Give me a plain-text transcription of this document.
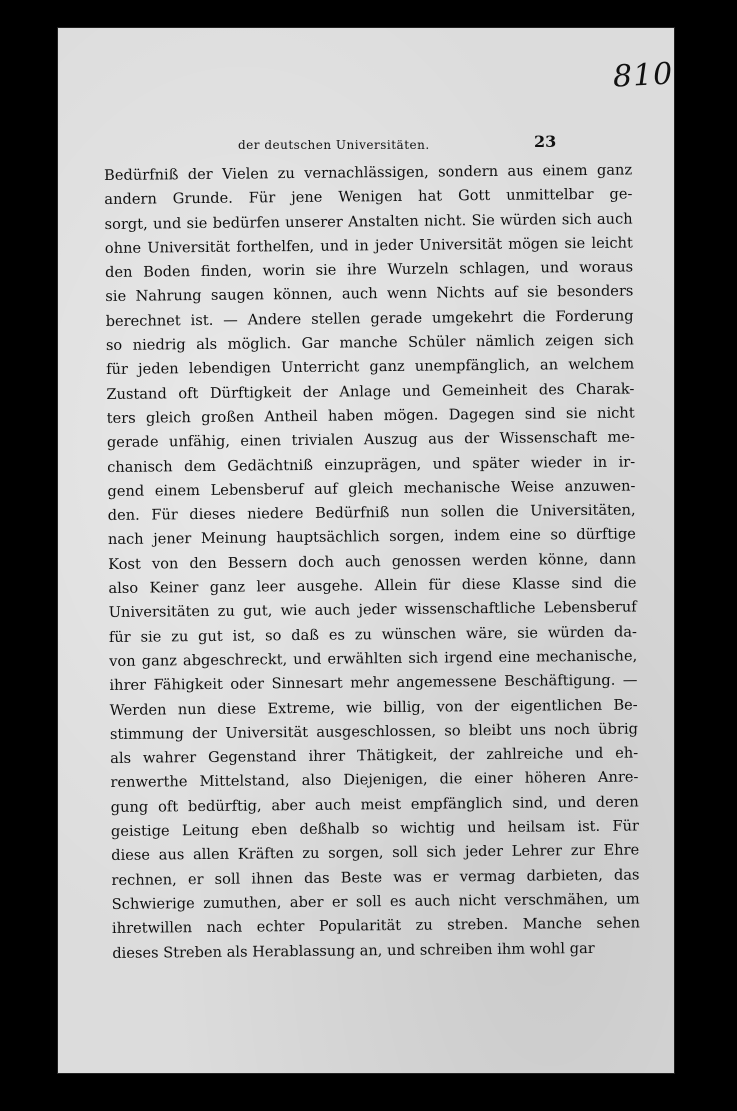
810
der deutschen Universitäten.	23
Bedürfniß der Vielen zu vernachlässigen, sondern aus einem ganz
andern Grunde. Für jene Wenigen hat Gott unmittelbar ge-
sorgt, und sie bedürfen unserer Anstalten nicht. Sie würden sich auch
ohne Universität forthelfen, und in jeder Universität mögen sie leicht
den Boden finden, worin sie ihre Wurzeln schlagen, und woraus
sie Nahrung saugen können, auch wenn Nichts auf sie besonders
berechnet ist. — Andere stellen gerade umgekehrt die Forderung
so niedrig als möglich. Gar manche Schüler nämlich zeigen sich
für jeden lebendigen Unterricht ganz unempfänglich, an welchem
Zustand oft Dürftigkeit der Anlage und Gemeinheit des Charak-
ters gleich großen Antheil haben mögen. Dagegen sind sie nicht
gerade unfähig, einen trivialen Auszug aus der Wissenschaft me-
chanisch dem Gedächtniß einzuprägen, und später wieder in ir-
gend einem Lebensberuf auf gleich mechanische Weise anzuwen-
den. Für dieses niedere Bedürfniß nun sollen die Universitäten,
nach jener Meinung hauptsächlich sorgen, indem eine so dürftige
Kost von den Bessern doch auch genossen werden könne, dann
also Keiner ganz leer ausgehe. Allein für diese Klasse sind die
Universitäten zu gut, wie auch jeder wissenschaftliche Lebensberuf
für sie zu gut ist, so daß es zu wünschen wäre, sie würden da-
von ganz abgeschreckt, und erwählten sich irgend eine mechanische,
ihrer Fähigkeit oder Sinnesart mehr angemessene Beschäftigung. —
Werden nun diese Extreme, wie billig, von der eigentlichen Be-
stimmung der Universität ausgeschlossen, so bleibt uns noch übrig
als wahrer Gegenstand ihrer Thätigkeit, der zahlreiche und eh-
renwerthe Mittelstand, also Diejenigen, die einer höheren Anre-
gung oft bedürftig, aber auch meist empfänglich sind, und deren
geistige Leitung eben deßhalb so wichtig und heilsam ist. Für
diese aus allen Kräften zu sorgen, soll sich jeder Lehrer zur Ehre
rechnen, er soll ihnen das Beste was er vermag darbieten, das
Schwierige zumuthen, aber er soll es auch nicht verschmähen, um
ihretwillen nach echter Popularität zu streben. Manche sehen
dieses Streben als Herablassung an, und schreiben ihm wohl gar
